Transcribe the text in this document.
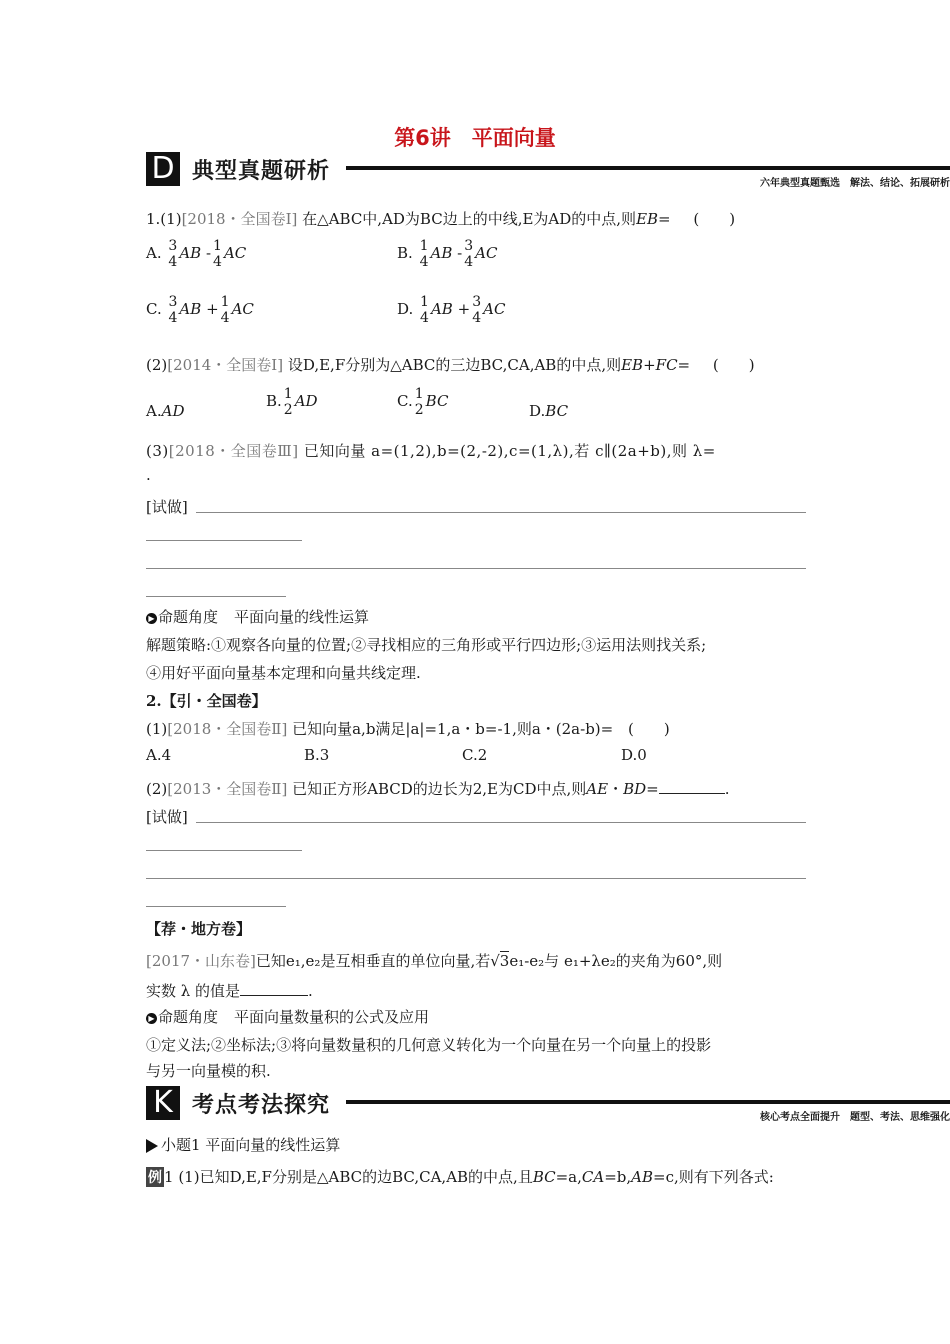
第6讲　平面向量
D 典型真题研析	六年典型真题甄选　解法、结论、拓展研析
1.(1)[2018・全国卷Ⅰ] 在△ABC中,AD为BC边上的中线,E为AD的中点,则EB= (　　)
A. 3
4 AB - 1
4 AC	B. 1
4 AB - 3
4 AC
C. 3
4 AB + 1
4 AC	D. 1
4 AB + 3
4 AC
(2)[2014・全国卷Ⅰ] 设D,E,F分别为△ABC的三边BC,CA,AB的中点,则EB+FC= (　　)
A.AD
B. 1
2 AD	C. 1
2 BC
D.BC
(3)[2018・全国卷Ⅲ] 已知向量 a=(1,2),b=(2,-2),c=(1,λ),若 c∥(2a+b),则 λ=
.
[试做]
▶ 命题角度 平面向量的线性运算
解题策略:①观察各向量的位置;②寻找相应的三角形或平行四边形;③运用法则找关系;
④用好平面向量基本定理和向量共线定理.
2.【引・全国卷】
(1)[2018・全国卷Ⅱ] 已知向量a,b满足|a|=1,a・b=-1,则a・(2a-b)= (　　)
A.4	B.3	C.2	D.0
(2)[2013・全国卷Ⅱ] 已知正方形ABCD的边长为2,E为CD中点,则AE・BD=	.
[试做]
【荐・地方卷】
[2017・山东卷]已知e₁,e₂是互相垂直的单位向量,若√3e₁-e₂与 e₁+λe₂的夹角为60°,则
实数 λ 的值是	.
▶ 命题角度 平面向量数量积的公式及应用
①定义法;②坐标法;③将向量数量积的几何意义转化为一个向量在另一个向量上的投影
与另一向量模的积.
K 考点考法探究	核心考点全面提升　题型、考法、思维强化
小题1 平面向量的线性运算
例 1 (1)已知D,E,F分别是△ABC的边BC,CA,AB的中点,且BC=a,CA=b,AB=c,则有下列各式:
